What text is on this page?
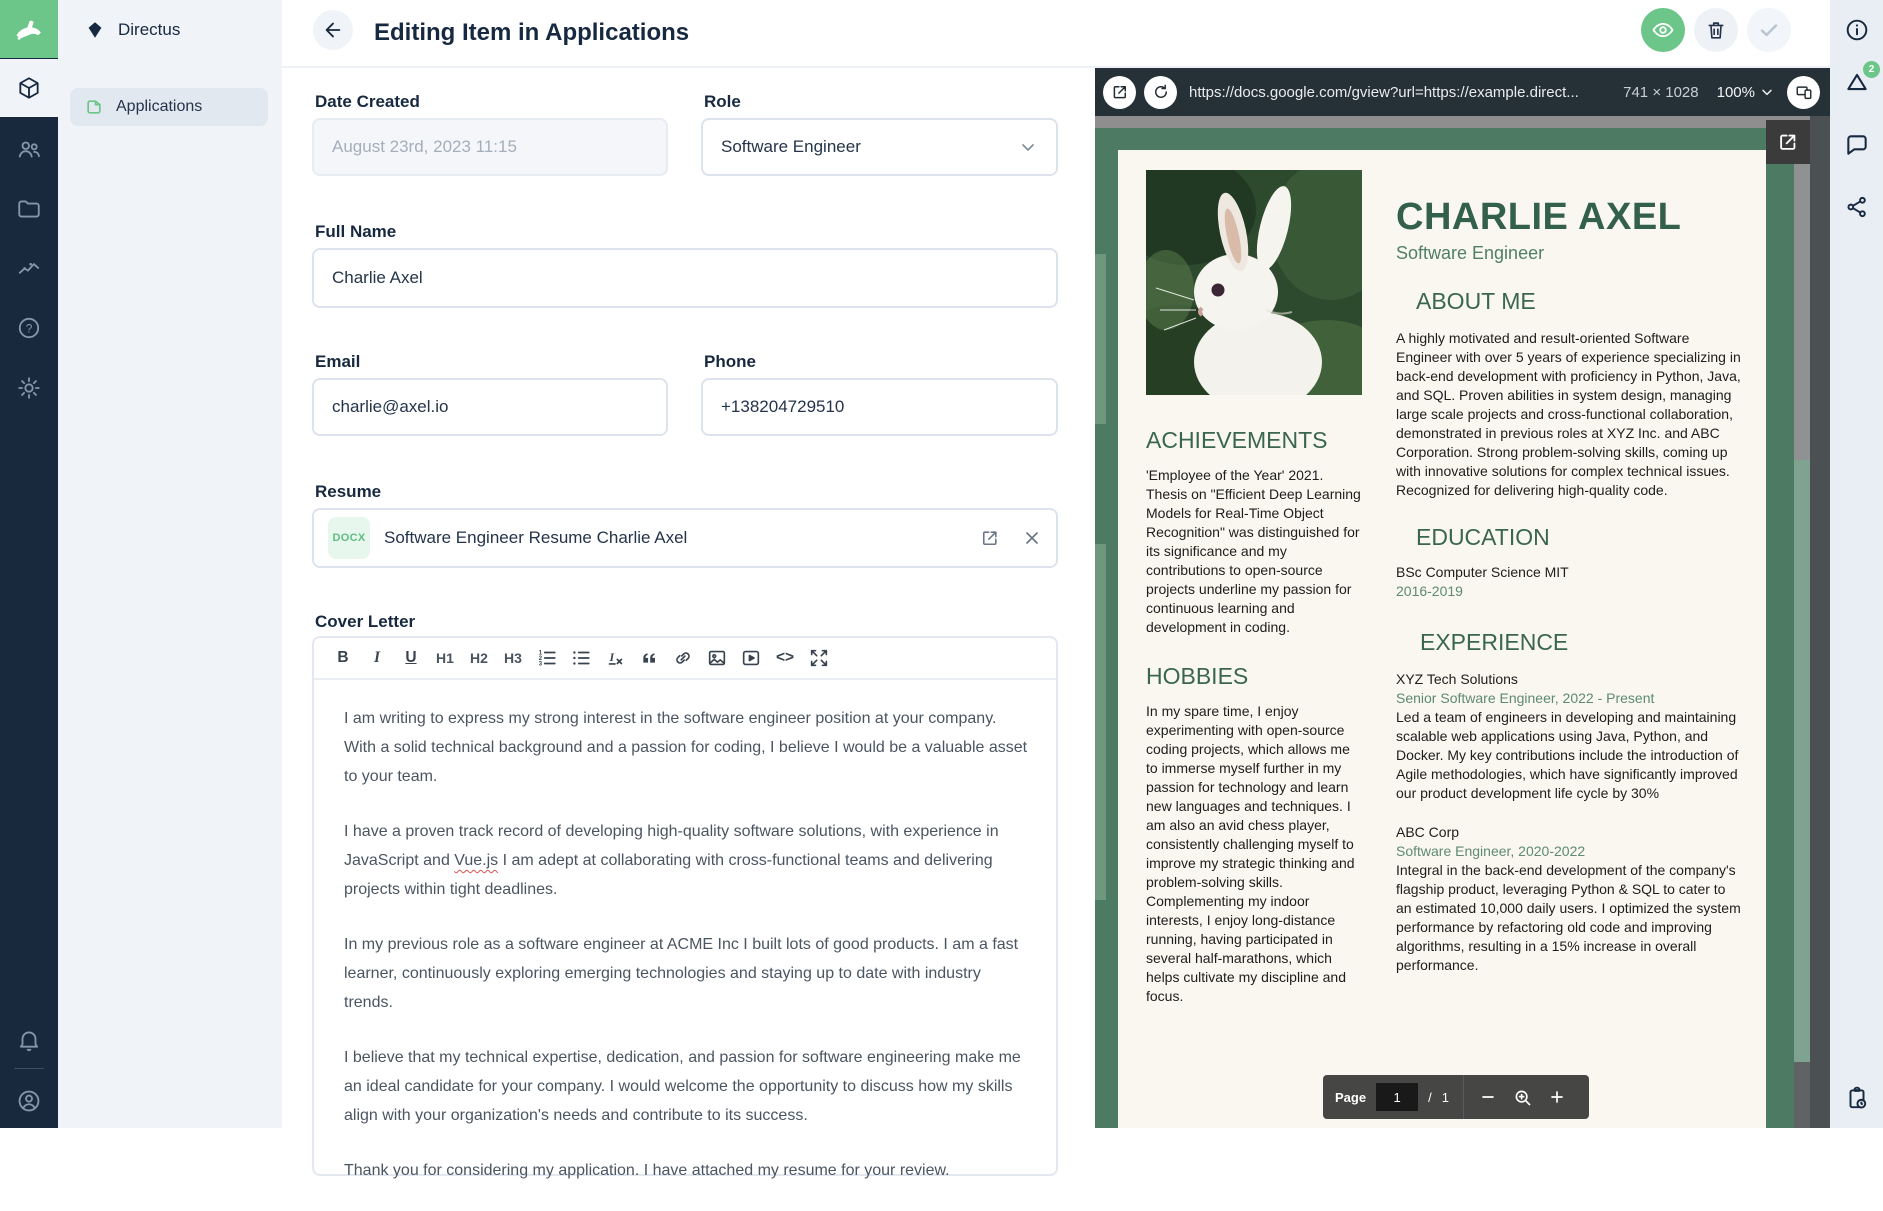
?
Directus
Applications
Editing Item in Applications
Date Created
August 23rd, 2023 11:15
Role
Software Engineer
Full Name
Charlie Axel
Email
charlie@axel.io
Phone
+138204729510
Resume
DOCX Software Engineer Resume Charlie Axel
Cover Letter
B	I	U	H1 H2 H3	1
2
3
I	<>

I am writing to express my strong interest in the software engineer position at your company. With a solid technical background and a passion for coding, I believe I would be a valuable asset to your team.

I have a proven track record of developing high-quality software solutions, with experience in JavaScript and Vue.js I am adept at collaborating with cross-functional teams and delivering projects within tight deadlines.

In my previous role as a software engineer at ACME Inc I built lots of good products. I am a fast learner, continuously exploring emerging technologies and staying up to date with industry trends.

I believe that my technical expertise, dedication, and passion for software engineering make me an ideal candidate for your company. I would welcome the opportunity to discuss how my skills align with your organization's needs and contribute to its success.

Thank you for considering my application. I have attached my resume for your review.

https://docs.google.com/gview?url=https://example.direct...	741 × 1028 100%
ACHIEVEMENTS
'Employee of the Year' 2021. Thesis on "Efficient Deep Learning Models for Real-Time Object Recognition" was distinguished for its significance and my contributions to open-source projects underline my passion for continuous learning and development in coding.
HOBBIES
In my spare time, I enjoy experimenting with open-source coding projects, which allows me to immerse myself further in my passion for technology and learn new languages and techniques. I am also an avid chess player, consistently challenging myself to improve my strategic thinking and problem-solving skills. Complementing my indoor interests, I enjoy long-distance running, having participated in several half-marathons, which helps cultivate my discipline and focus.
CHARLIE AXEL
Software Engineer
ABOUT ME
A highly motivated and result-oriented Software Engineer with over 5 years of experience specializing in back-end development with proficiency in Python, Java, and SQL. Proven abilities in system design, managing large scale projects and cross-functional collaboration, demonstrated in previous roles at XYZ Inc. and ABC Corporation. Strong problem-solving skills, coming up with innovative solutions for complex technical issues. Recognized for delivering high-quality code.
EDUCATION
BSc Computer Science MIT
2016-2019
EXPERIENCE
XYZ Tech Solutions
Senior Software Engineer, 2022 - Present
Led a team of engineers in developing and maintaining scalable web applications using Java, Python, and Docker. My key contributions include the introduction of Agile methodologies, which have significantly improved our product development life cycle by 30%
ABC Corp
Software Engineer, 2020-2022
Integral in the back-end development of the company's flagship product, leveraging Python & SQL to cater to an estimated 10,000 daily users. I optimized the system performance by refactoring old code and improving algorithms, resulting in a 15% increase in overall performance.
Page
1	/ 1
2
